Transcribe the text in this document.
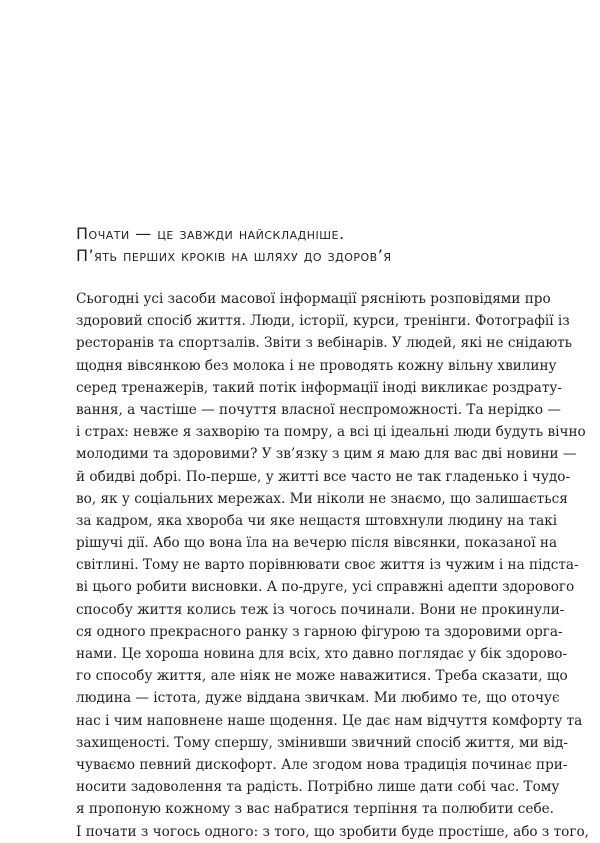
Почати — це завжди найскладніше.
П’ять перших кроків на шляху до здоров’я
Сьогодні усі засоби масової інформації рясніють розповідями про
здоровий спосіб життя. Люди, історії, курси, тренінги. Фотографії із
ресторанів та спортзалів. Звіти з вебінарів. У людей, які не снідають
щодня вівсянкою без молока і не проводять кожну вільну хвилину
серед тренажерів, такий потік інформації іноді викликає роздрату-
вання, а частіше — почуття власної неспроможності. Та нерідко —
і страх: невже я захворію та помру, а всі ці ідеальні люди будуть вічно
молодими та здоровими? У зв’язку з цим я маю для вас дві новини —
й обидві добрі. По-перше, у житті все часто не так гладенько і чудо-
во, як у соціальних мережах. Ми ніколи не знаємо, що залишається
за кадром, яка хвороба чи яке нещастя штовхнули людину на такі
рішучі дії. Або що вона їла на вечерю після вівсянки, показаної на
світлині. Тому не варто порівнювати своє життя із чужим і на підста-
ві цього робити висновки. А по-друге, усі справжні адепти здорового
способу життя колись теж із чогось починали. Вони не прокинули-
ся одного прекрасного ранку з гарною фігурою та здоровими орга-
нами. Це хороша новина для всіх, хто давно поглядає у бік здорово-
го способу життя, але ніяк не може наважитися. Треба сказати, що
людина — істота, дуже віддана звичкам. Ми любимо те, що оточує
нас і чим наповнене наше щодення. Це дає нам відчуття комфорту та
захищеності. Тому спершу, змінивши звичний спосіб життя, ми від-
чуваємо певний дискофорт. Але згодом нова традиція починає при-
носити задоволення та радість. Потрібно лише дати собі час. Тому
я пропоную кожному з вас набратися терпіння та полюбити себе.
І почати з чогось одного: з того, що зробити буде простіше, або з того,
